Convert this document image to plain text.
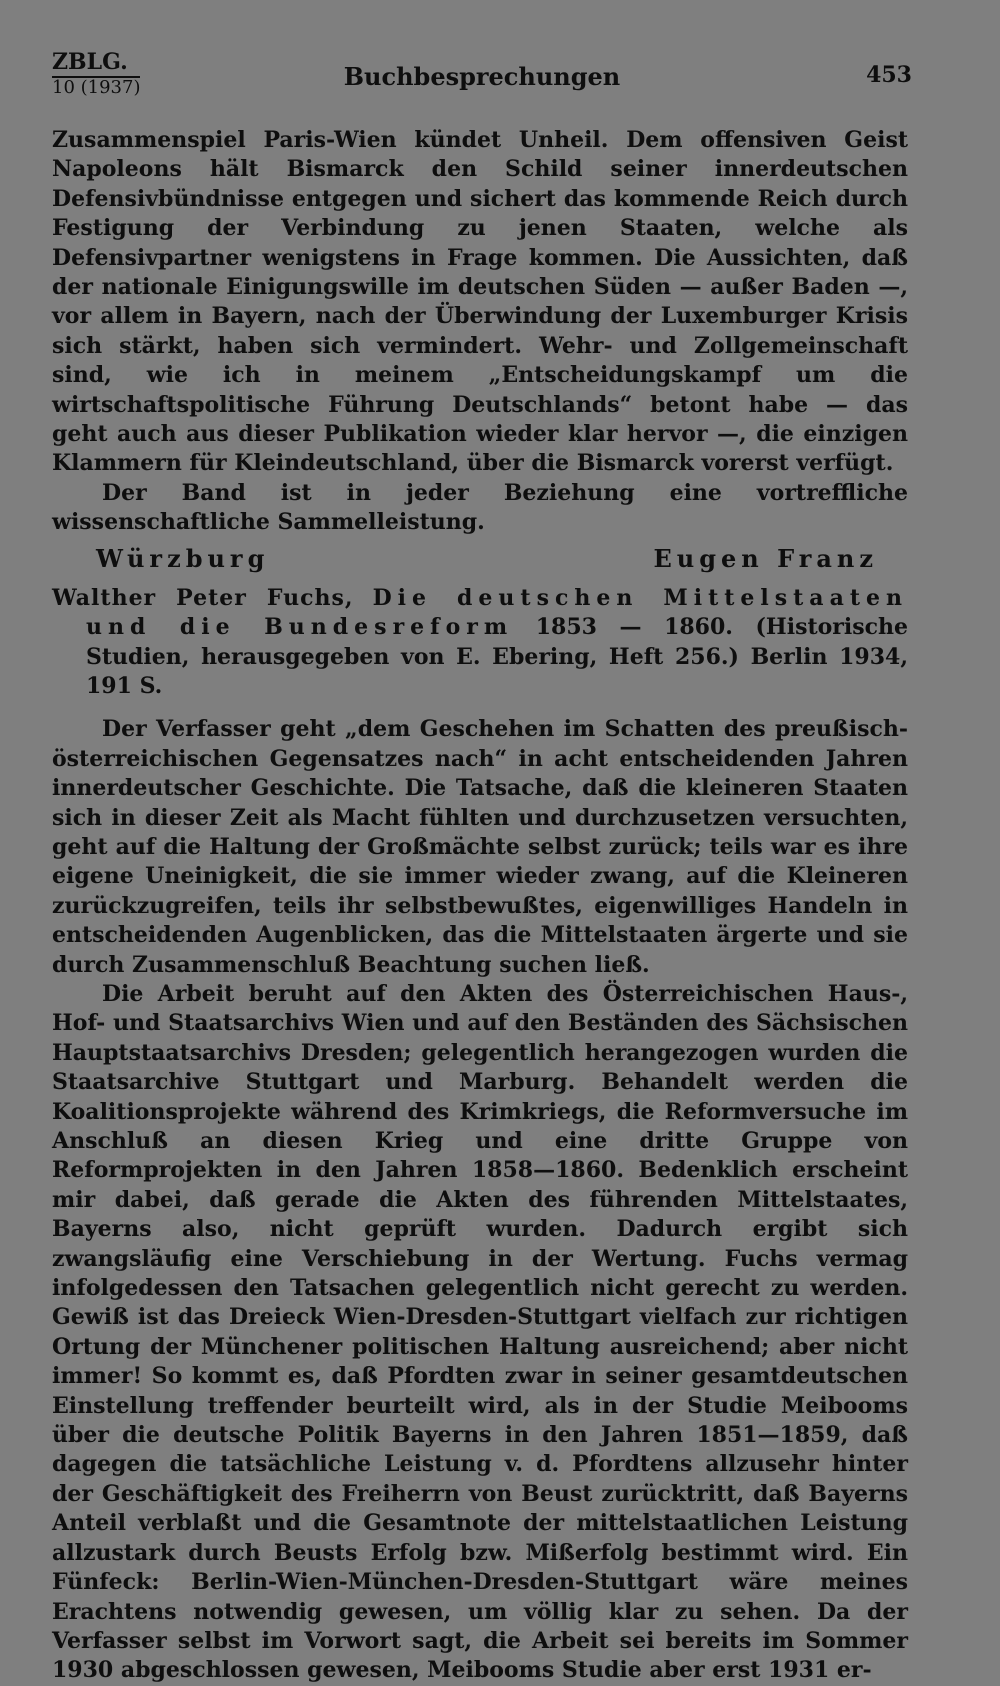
ZBLG.
10 (1937)	Buchbesprechungen	453

Zusammenspiel Paris-Wien kündet Unheil. Dem offensiven Geist Napoleons hält Bismarck den Schild seiner innerdeutschen Defensivbündnisse entgegen und sichert das kommende Reich durch Festigung der Verbindung zu jenen Staaten, welche als Defensivpartner wenigstens in Frage kommen. Die Aussichten, daß der nationale Einigungswille im deutschen Süden — außer Baden —, vor allem in Bayern, nach der Überwindung der Luxemburger Krisis sich stärkt, haben sich vermindert. Wehr- und Zollgemeinschaft sind, wie ich in meinem „Entscheidungskampf um die wirtschaftspolitische Führung Deutschlands“ betont habe — das geht auch aus dieser Publikation wieder klar hervor —, die einzigen Klammern für Kleindeutschland, über die Bismarck vorerst verfügt.

Der Band ist in jeder Beziehung eine vortreffliche wissenschaftliche Sammelleistung.

Würzburg	Eugen Franz

Walther Peter Fuchs, Die deutschen Mittelstaaten und die Bundesreform 1853 — 1860. (Historische Studien, herausgegeben von E. Ebering, Heft 256.) Berlin 1934, 191 S.

Der Verfasser geht „dem Geschehen im Schatten des preußisch-österreichischen Gegensatzes nach“ in acht entscheidenden Jahren innerdeutscher Geschichte. Die Tatsache, daß die kleineren Staaten sich in dieser Zeit als Macht fühlten und durchzusetzen versuchten, geht auf die Haltung der Großmächte selbst zurück; teils war es ihre eigene Uneinigkeit, die sie immer wieder zwang, auf die Kleineren zurückzugreifen, teils ihr selbstbewußtes, eigenwilliges Handeln in entscheidenden Augenblicken, das die Mittelstaaten ärgerte und sie durch Zusammenschluß Beachtung suchen ließ.

Die Arbeit beruht auf den Akten des Österreichischen Haus-, Hof- und Staatsarchivs Wien und auf den Beständen des Sächsischen Hauptstaatsarchivs Dresden; gelegentlich herangezogen wurden die Staatsarchive Stuttgart und Marburg. Behandelt werden die Koalitionsprojekte während des Krimkriegs, die Reformversuche im Anschluß an diesen Krieg und eine dritte Gruppe von Reformprojekten in den Jahren 1858—1860. Bedenklich erscheint mir dabei, daß gerade die Akten des führenden Mittelstaates, Bayerns also, nicht geprüft wurden. Dadurch ergibt sich zwangsläufig eine Verschiebung in der Wertung. Fuchs vermag infolgedessen den Tatsachen gelegentlich nicht gerecht zu werden. Gewiß ist das Dreieck Wien-Dresden-Stuttgart vielfach zur richtigen Ortung der Münchener politischen Haltung ausreichend; aber nicht immer! So kommt es, daß Pfordten zwar in seiner gesamtdeutschen Einstellung treffender beurteilt wird, als in der Studie Meibooms über die deutsche Politik Bayerns in den Jahren 1851—1859, daß dagegen die tatsächliche Leistung v. d. Pfordtens allzusehr hinter der Geschäftigkeit des Freiherrn von Beust zurücktritt, daß Bayerns Anteil verblaßt und die Gesamtnote der mittelstaatlichen Leistung allzustark durch Beusts Erfolg bzw. Mißerfolg bestimmt wird. Ein Fünfeck: Berlin-Wien-München-Dresden-Stuttgart wäre meines Erachtens notwendig gewesen, um völlig klar zu sehen. Da der Verfasser selbst im Vorwort sagt, die Arbeit sei bereits im Sommer 1930 abgeschlossen gewesen, Meibooms Studie aber erst 1931 er-
